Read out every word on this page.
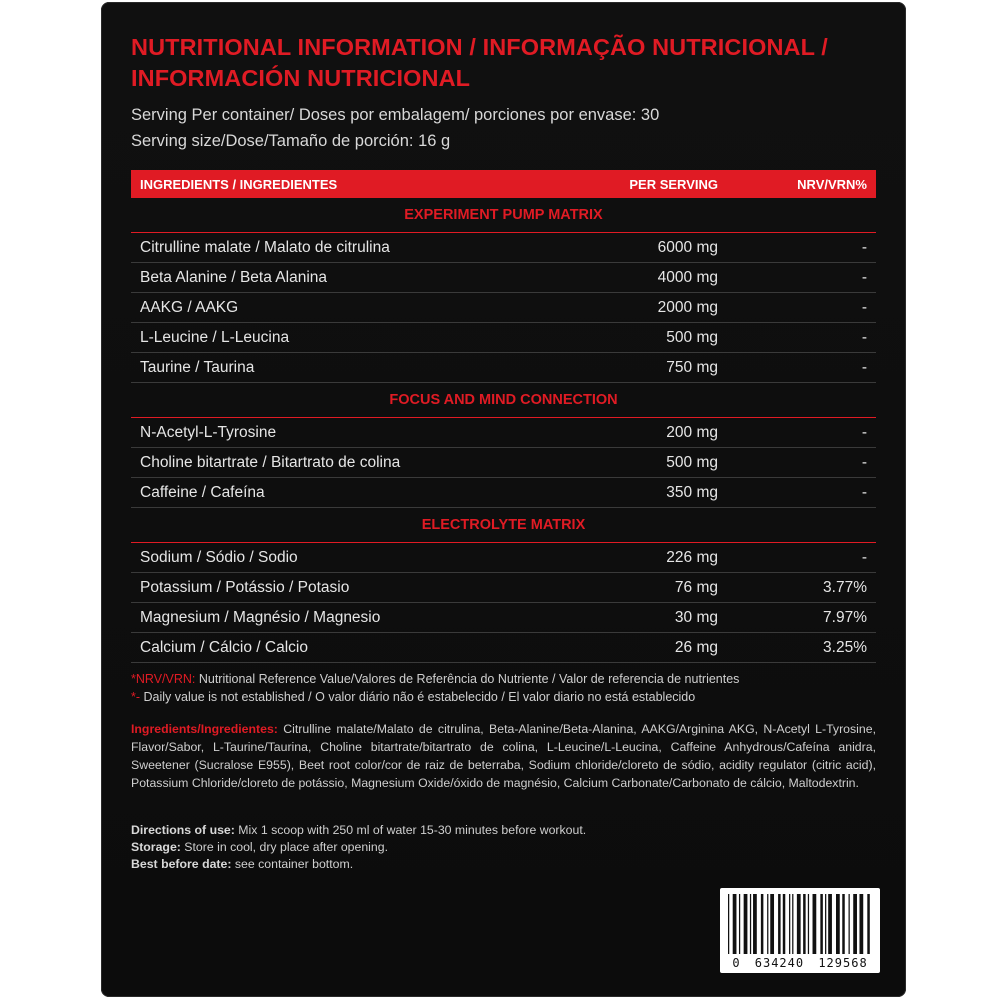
NUTRITIONAL INFORMATION / INFORMAÇÃO NUTRICIONAL / INFORMACIÓN NUTRICIONAL
Serving Per container/ Doses por embalagem/ porciones por envase: 30
Serving size/Dose/Tamaño de porción: 16 g
INGREDIENTS / INGREDIENTES	PER SERVING	NRV/VRN%
EXPERIMENT PUMP MATRIX
Citrulline malate / Malato de citrulina	6000 mg	-
Beta Alanine / Beta Alanina	4000 mg	-
AAKG / AAKG	2000 mg	-
L-Leucine / L-Leucina	500 mg	-
Taurine / Taurina	750 mg	-
FOCUS AND MIND CONNECTION
N-Acetyl-L-Tyrosine	200 mg	-
Choline bitartrate / Bitartrato de colina	500 mg	-
Caffeine / Cafeína	350 mg	-
ELECTROLYTE MATRIX
Sodium / Sódio / Sodio	226 mg	-
Potassium / Potássio / Potasio	76 mg	3.77%
Magnesium / Magnésio / Magnesio	30 mg	7.97%
Calcium / Cálcio / Calcio	26 mg	3.25%
*NRV/VRN: Nutritional Reference Value/Valores de Referência do Nutriente / Valor de referencia de nutrientes
*- Daily value is not established / O valor diário não é estabelecido / El valor diario no está establecido
Ingredients/Ingredientes: Citrulline malate/Malato de citrulina, Beta-Alanine/Beta-Alanina, AAKG/Arginina AKG, N-Acetyl L-Tyrosine, Flavor/Sabor, L-Taurine/Taurina, Choline bitartrate/bitartrato de colina, L-Leucine/L-Leucina, Caffeine Anhydrous/Cafeína anidra, Sweetener (Sucralose E955), Beet root color/cor de raiz de beterraba, Sodium chloride/cloreto de sódio, acidity regulator (citric acid), Potassium Chloride/cloreto de potássio, Magnesium Oxide/óxido de magnésio, Calcium Carbonate/Carbonato de cálcio, Maltodextrin.
Directions of use: Mix 1 scoop with 250 ml of water 15-30 minutes before workout.
Storage: Store in cool, dry place after opening.
Best before date: see container bottom.
0 634240 129568
